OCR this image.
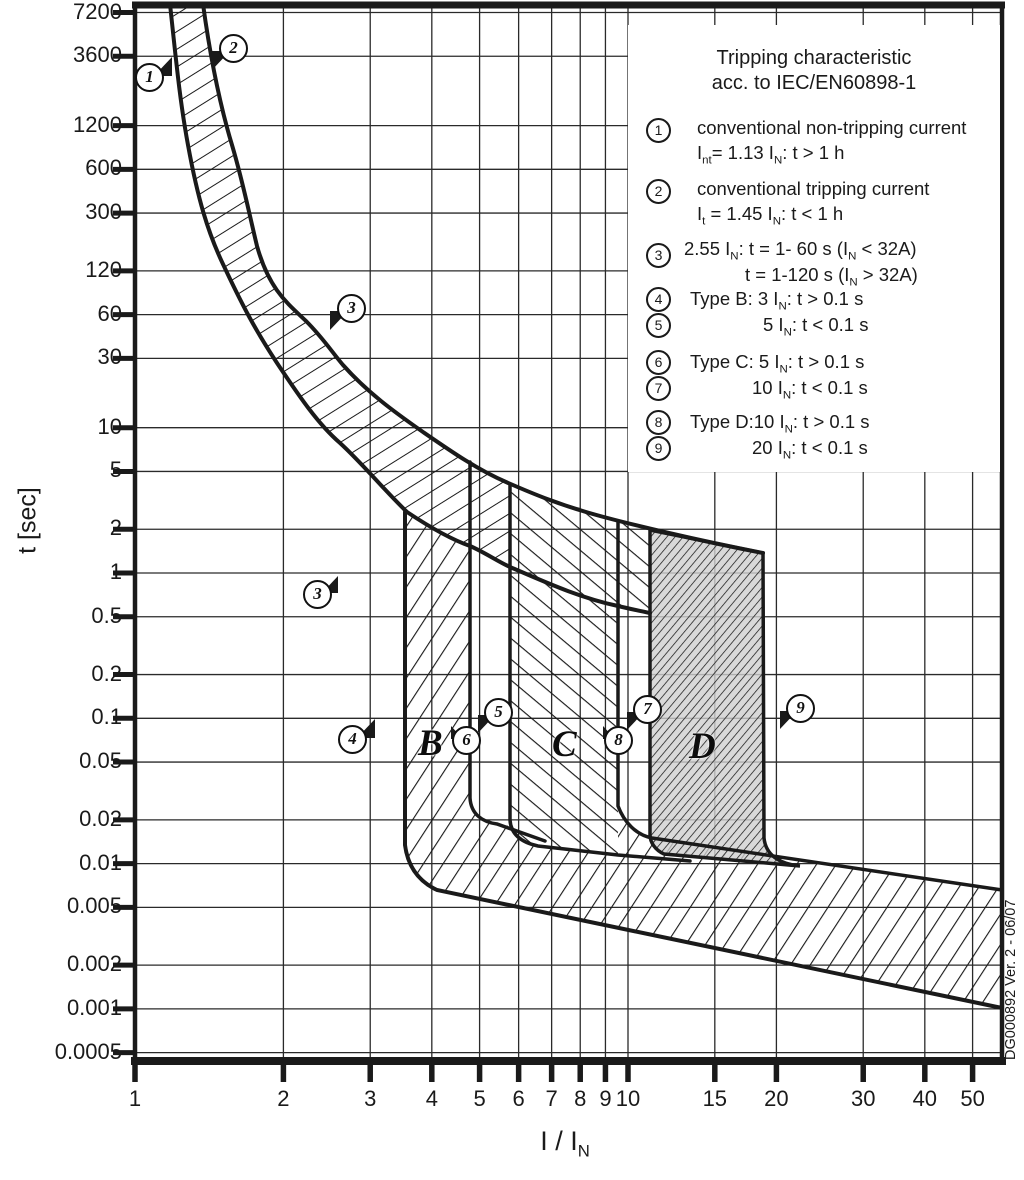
7200
3600
1200
600
300
120
60
30
10
5
2
1
0.5
0.2
0.1
0.05
0.02
0.01
0.005
0.002
0.001
0.0005
1	2	3	4	5	6 7 8 9 10	15	20	30	40	50
t [sec]
I / $I_N$
Tripping characteristic
acc. to IEC/EN60898-1
1	conventional non-tripping current
$I_{nt}= 1.13$ $I_N$: t > 1 h
2	conventional tripping current
$I_t = 1.45$ $I_N$: t < 1 h
3	2.55 $I_N$: t = 1- 60 s $(I_N < 32A)$
t = 1-120 s $(I_N > 32A)$
4	Type B: 3 $I_N$: t > 0.1 s
5	5 $I_N$: t < 0.1 s
6	Type C: 5 $I_N$: t > 0.1 s
7	10 $I_N$: t < 0.1 s
8	Type D:10 $I_N$: t > 0.1 s
9	20 $I_N$: t < 0.1 s
1
2
3
3
4
5
6
7
8
9
B	C	D
DG000892 Ver. 2 - 06/07
